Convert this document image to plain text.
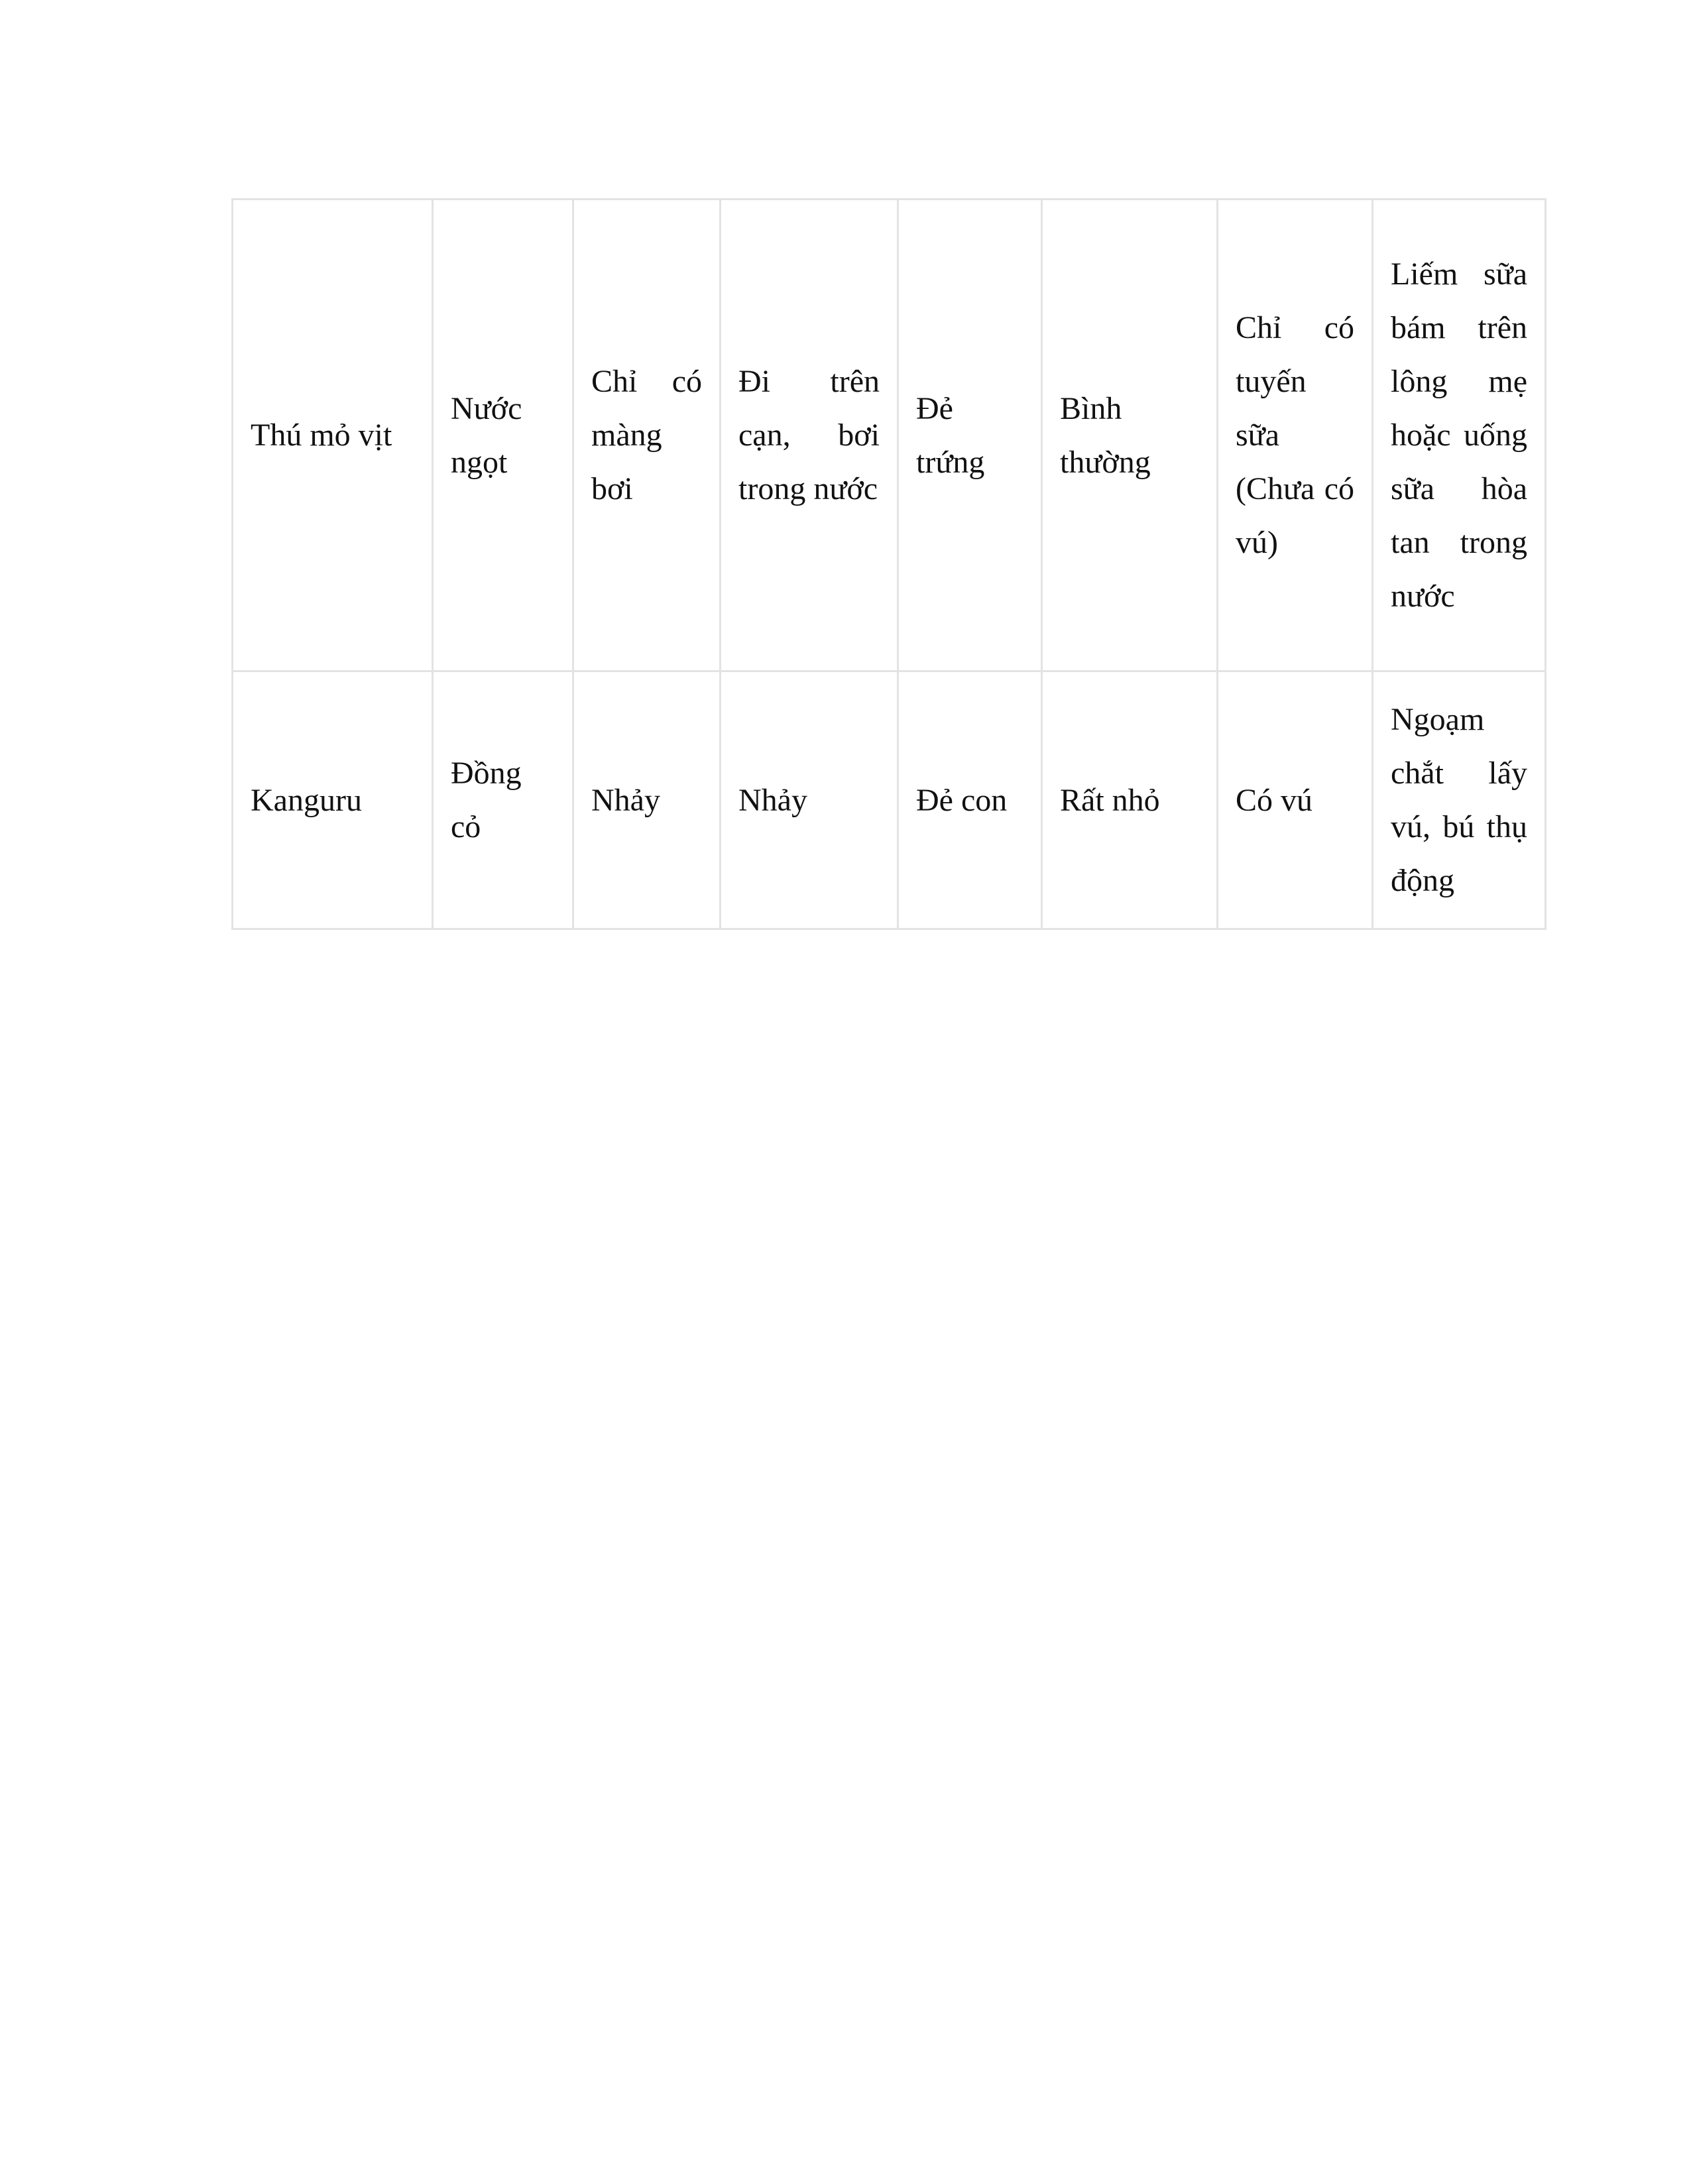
Thú mỏ vịt	Nước ngọt	Chỉ có màng bơi	Đi trên cạn, bơi trong nước	Đẻ trứng	Bình thường	Chỉ có tuyến sữa (Chưa có vú)	Liếm sữa bám trên lông mẹ hoặc uống sữa hòa tan trong nước
Kanguru	Đồng cỏ	Nhảy	Nhảy	Đẻ con	Rất nhỏ	Có vú	Ngoạm chắt lấy vú, bú thụ động
